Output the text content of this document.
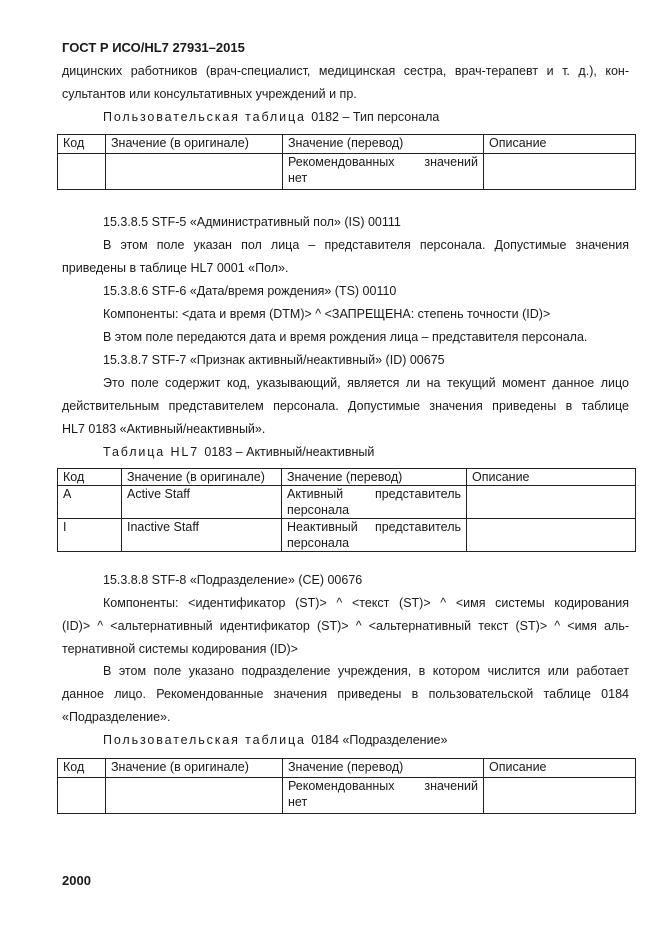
ГОСТ Р ИСО/HL7 27931–2015
дицинских работников (врач-специалист, медицинская сестра, врач-терапевт и т. д.), кон-
сультантов или консультативных учреждений и пр.
Пользовательская таблица 0182 – Тип персонала
Код	Значение (в оригинале)	Значение (перевод)	Описание

		Рекомендованных значений
нет	

15.3.8.5 STF-5 «Административный пол» (IS) 00111
В этом поле указан пол лица – представителя персонала. Допустимые значения
приведены в таблице HL7 0001 «Пол».
15.3.8.6 STF-6 «Дата/время рождения» (TS) 00110
Компоненты: <дата и время (DTM)> ^ <ЗАПРЕЩЕНА: степень точности (ID)>
В этом поле передаются дата и время рождения лица – представителя персонала.
15.3.8.7 STF-7 «Признак активный/неактивный» (ID) 00675
Это поле содержит код, указывающий, является ли на текущий момент данное лицо
действительным представителем персонала. Допустимые значения приведены в таблице
HL7 0183 «Активный/неактивный».
Таблица HL7 0183 – Активный/неактивный
Код	Значение (в оригинале)	Значение (перевод)	Описание
A	Active Staff	Активный представитель
персонала	

I	Inactive Staff	Неактивный представитель
персонала	

15.3.8.8 STF-8 «Подразделение» (CE) 00676
Компоненты: <идентификатор (ST)> ^ <текст (ST)> ^ <имя системы кодирования
(ID)> ^ <альтернативный идентификатор (ST)> ^ <альтернативный текст (ST)> ^ <имя аль-
тернативной системы кодирования (ID)>
В этом поле указано подразделение учреждения, в котором числится или работает
данное лицо. Рекомендованные значения приведены в пользовательской таблице 0184
«Подразделение».
Пользовательская таблица 0184 «Подразделение»
Код	Значение (в оригинале)	Значение (перевод)	Описание

		Рекомендованных значений
нет	

2000
